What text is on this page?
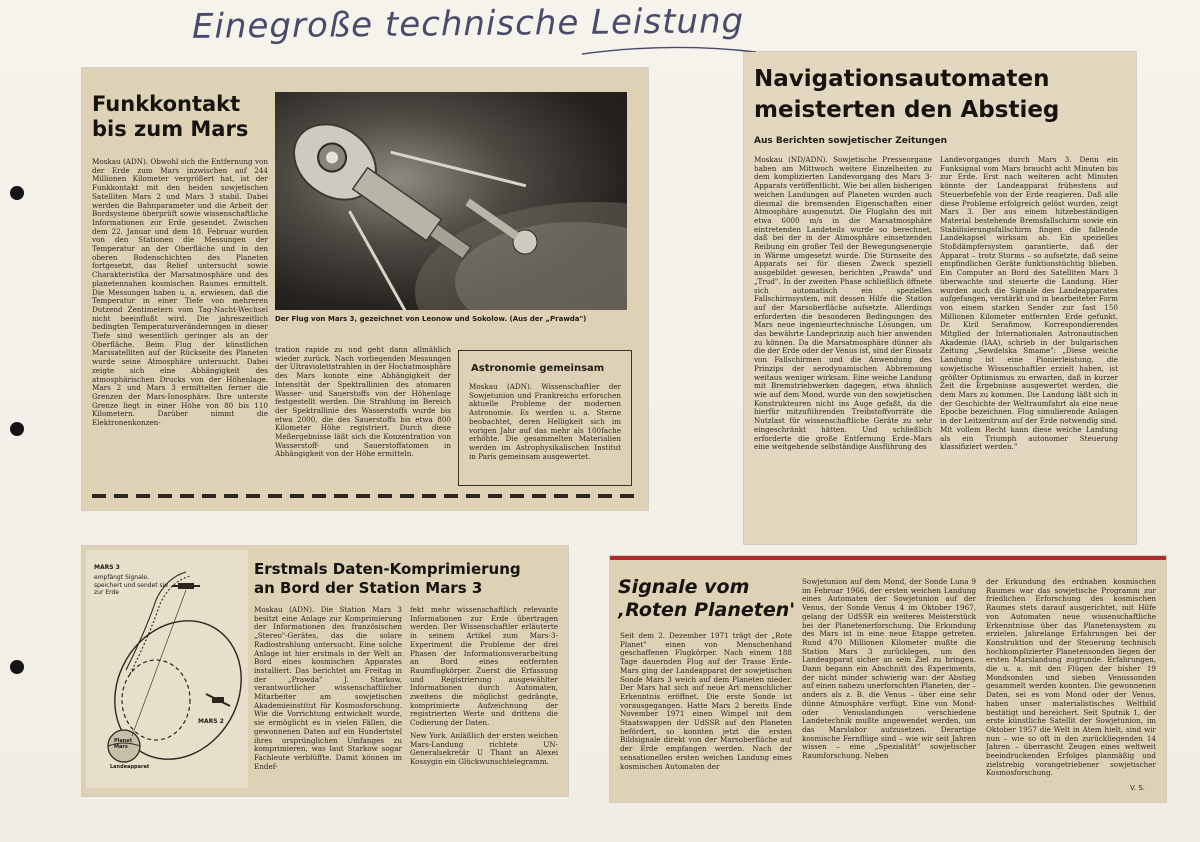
Einegroße technische Leistung
Funkkontakt
bis zum Mars
Moskau (ADN). Obwohl sich die Entfernung von der Erde zum Mars inzwischen auf 244 Millionen Kilometer vergrößert hat, ist der Funkkontakt mit den beiden sowjetischen Satelliten Mars 2 und Mars 3 stabil. Dabei werden die Bahnparameter und die Arbeit der Bordsysteme überprüft sowie wissenschaftliche Informationen zur Erde gesendet. Zwischen dem 22. Januar und dem 18. Februar wurden von den Stationen die Messungen der Temperatur an der Oberfläche und in den oberen Bodenschichten des Planeten fortgesetzt, das Relief untersucht sowie Charakteristika der Marsatmosphäre und des planetennahen kosmischen Raumes ermittelt. Die Messungen haben u. a. erwiesen, daß die Temperatur in einer Tiefe von mehreren Dutzend Zentimetern vom Tag-Nacht-Wechsel nicht beeinflußt wird. Die jahreszeitlich bedingten Temperaturveränderungen in dieser Tiefe sind wesentlich geringer als an der Oberfläche. Beim Flug der künstlichen Marssatelliten auf der Rückseite des Planeten wurde seine Atmosphäre untersucht. Dabei zeigte sich eine Abhängigkeit des atmosphärischen Drucks von der Höhenlage. Mars 2 und Mars 3 ermittelten ferner die Grenzen der Mars-Ionosphäre. Ihre unterste Grenze liegt in einer Höhe von 80 bis 110 Kilometern. Darüber nimmt die Elektronenkonzen-
Der Flug von Mars 3, gezeichnet von Leonow und Sokolow. (Aus der „Prawda")
tration rapide zu und geht dann allmählich wieder zurück. Nach vorliegenden Messungen der Ultraviolettstrahlen in der Hochatmosphäre des Mars konnte eine Abhängigkeit der Intensität der Spektrallinien des atomaren Wasser- und Sauerstoffs von der Höhenlage festgestellt werden. Die Strahlung im Bereich der Spektrallinie des Wasserstoffs wurde bis etwa 2000, die des Sauerstoffs bis etwa 800 Kilometer Höhe registriert. Durch diese Meßergebnisse läßt sich die Konzentration von Wasserstoff- und Sauerstoffatomen in Abhängigkeit von der Höhe ermitteln.
Astronomie gemeinsam
Moskau (ADN). Wissenschaftler der Sowjetunion und Frankreichs erforschen aktuelle Probleme der modernen Astronomie. Es werden u. a. Sterne beobachtet, deren Helligkeit sich im vorigen Jahr auf das mehr als 100fache erhöhte. Die gesammelten Materialien werden im Astrophysikalischen Institut in Paris gemeinsam ausgewertet.
Navigationsautomaten
meisterten den Abstieg
Aus Berichten sowjetischer Zeitungen
Moskau (ND/ADN). Sowjetische Presseorgane haben am Mittwoch weitere Einzelheiten zu dem komplizierten Landevorgang des Mars 3-Apparats veröffentlicht. Wie bei allen bisherigen weichen Landungen auf Planeten wurden auch diesmal die bremsenden Eigenschaften einer Atmosphäre ausgenutzt. Die Fluglahn des mit etwa 6000 m/s in die Marsatmosphäre eintretenden Landeteils wurde so berechnet, daß bei der in der Atmosphäre einsetzenden Reibung ein großer Teil der Bewegungsenergie in Wärme umgesetzt wurde. Die Stirnseite des Apparats sei für diesen Zweck speziell ausgebildet gewesen, berichten „Prawda" und „Trud". In der zweiten Phase schließlich öffnete sich automatisch ein spezielles Fallschirmsystem, mit dessen Hilfe die Station auf der Marsoberfläche aufsetzte. Allerdings erforderten die besonderen Bedingungen des Mars neue ingenieurtechnische Lösungen, um das bewährte Landeprinzip auch hier anwenden zu können. Da die Marsatmosphäre dünner als die der Erde oder der Venus ist, sind der Einsatz von Fallschirmen und die Anwendung des Prinzips der aerodynamischen Abbremsung weitaus weniger wirksam. Eine weiche Landung mit Bremstriebwerken dagegen, etwa ähnlich wie auf dem Mond, wurde von den sowjetischen Konstrukteuren nicht ins Auge gefaßt, da die hierfür mitzuführenden Treibstoffvorräte die Nutzlast für wissenschaftliche Geräte zu sehr eingeschränkt hätten. Und schließlich erforderte die große Entfernung Erde–Mars eine weitgehende selbständige Ausführung des
Landevorganges durch Mars 3. Denn ein Funksignal vom Mars braucht acht Minuten bis zur Erde. Erst nach weiteren acht Minuten könnte der Landeapparat frühestens auf Steuerbefehle von der Erde reagieren. Daß alle diese Probleme erfolgreich gelöst wurden, zeigt Mars 3. Der aus einem hitzebeständigen Material bestehende Bremsfallschirm sowie ein Stabilisierungsfallschirm fingen die fallende Landekapsel wirksam ab. Ein spezielles Stoßdämpfersystem garantierte, daß der Apparat – trotz Sturms – so aufsetzte, daß seine empfindlichen Geräte funktionstüchtig blieben. Ein Computer an Bord des Satelliten Mars 3 überwachte und steuerte die Landung. Hier wurden auch die Signale des Landeapparates aufgefangen, verstärkt und in bearbeiteter Form von einem starken Sender zur fast 150 Millionen Kilometer entfernten Erde gefunkt. Dr. Kiril Serafimow, Korrespondierendes Mitglied der Internationalen Astronautischen Akademie (IAA), schrieb in der bulgarischen Zeitung „Sewdelska Smame": „Diese weiche Landung ist eine Pionierleistung, die sowjetische Wissenschaftler erzielt haben, ist größter Optimismus zu erwarten, daß in kurzer Zeit die Ergebnisse ausgewertet werden, die dem Mars zu kommen. Die Landung läßt sich in der Geschichte der Weltraumfahrt als eine neue Epoche bezeichnen. Flug simulierende Anlagen in der Leitzentrum auf der Erde notwendig sind. Mit vollem Recht kann diese weiche Landung als ein Triumph autonomer Steuerung klassifiziert werden."
MARS 3
empfängt Signale, speichert und sendet sie zur Erde
MARS 2
Planet Mars
Landeapparat
Erstmals Daten-Komprimierung
an Bord der Station Mars 3
Moskau (ADN). Die Station Mars 3 besitzt eine Anlage zur Komprimierung der Informationen des französischen „Stereo"-Gerätes, das die solare Radiostrahlung untersucht. Eine solche Anlage ist hier erstmals in der Welt an Bord eines kosmischen Apparates installiert. Das berichtet am Freitag in der „Prawda" J. Starkow, verantwortlicher wissenschaftlicher Mitarbeiter am sowjetischen Akademieinstitut für Kosmosforschung. Wie die Vorrichtung entwickelt wurde, sie ermöglicht es in vielen Fällen, die gewonnenen Daten auf ein Hundertstel ihres ursprünglichen Umfanges zu komprimieren, was laut Starkow sogar Fachleute verblüffte. Damit können im Endef-
fekt mehr wissenschaftlich relevante Informationen zur Erde übertragen werden. Der Wissenschaftler erläuterte in seinem Artikel zum Mars-3-Experiment die Probleme der drei Phasen der Informationsverarbeitung an Bord eines entfernten Raumflugkörper. Zuerst die Erfassung und Registrierung ausgewählter Informationen durch Automaten, zweitens die möglichst gedrängte, komprimierte Aufzeichnung der registrierten Werte und drittens die Codierung der Daten.
New York. Anläßlich der ersten weichen Mars-Landung richtete UN-Generalsekretär U Thant an Alexei Kossygin ein Glückwunschtelegramm.
Signale vom
‚Roten Planeten'
Seit dem 2. Dezember 1971 trägt der „Rote Planet" einen von Menschenhand geschaffenen Flugkörper. Nach einem 188 Tage dauernden Flug auf der Trasse Erde–Mars ging der Landeapparat der sowjetischen Sonde Mars 3 weich auf dem Planeten nieder. Der Mars hat sich auf neue Art menschlicher Erkenntnis eröffnet. Die erste Sonde ist vorausgegangen. Hatte Mars 2 bereits Ende November 1971 einen Wimpel mit dem Staatswappen der UdSSR auf den Planeten befördert, so konnten jetzt die ersten Bildsignale direkt von der Marsoberfläche auf der Erde empfangen werden. Nach der sensationellen ersten weichen Landung eines kosmischen Automaten der
Sowjetunion auf dem Mond, der Sonde Luna 9 im Februar 1966, der ersten weichen Landung eines Automaten der Sowjetunion auf der Venus, der Sonde Venus 4 im Oktober 1967, gelang der UdSSR ein weiteres Meisterstück bei der Planetenerforschung. Die Erkundung des Mars ist in eine neue Etappe getreten. Rund 470 Millionen Kilometer mußte die Station Mars 3 zurücklegen, um den Landeapparat sicher an sein Ziel zu bringen. Dann begann ein Abschnitt des Experiments, der nicht minder schwierig war: der Abstieg auf einen nahezu unerforschten Planeten, der – anders als z. B. die Venus – über eine sehr dünne Atmosphäre verfügt. Eine von Mond- oder Venuslandungen verschiedene Landetechnik mußte angewendet werden, um das Marslabor aufzusetzen. Derartige kosmische Fernflüge sind – wie wir seit Jahren wissen – eine „Spezialität" sowjetischer Raumforschung. Neben
der Erkundung des erdnahen kosmischen Raumes war das sowjetische Programm zur friedlichen Erforschung des kosmischen Raumes stets darauf ausgerichtet, mit Hilfe von Automaten neue wissenschaftliche Erkenntnisse über das Planetensystem zu erzielen. Jahrelange Erfahrungen bei der Konstruktion und der Steuerung technisch hochkomplizierter Planetensonden liegen der ersten Marslandung zugrunde. Erfahrungen, die u. a. mit den Flügen der bisher 19 Mondsonden und sieben Venussonden gesammelt werden konnten. Die gewonnenen Daten, sei es vom Mond oder der Venus, haben unser materialistisches Weltbild bestätigt und bereichert. Seit Sputnik 1, der erste künstliche Satellit der Sowjetunion, im Oktober 1957 die Welt in Atem hielt, sind wir nun – wie so oft in den zurückliegenden 14 Jahren – überrascht Zeugen eines weltweit beeindruckenden Erfolges planmäßig und zielstrebig vorangetriebener sowjetischer Kosmosforschung.
V. S.
